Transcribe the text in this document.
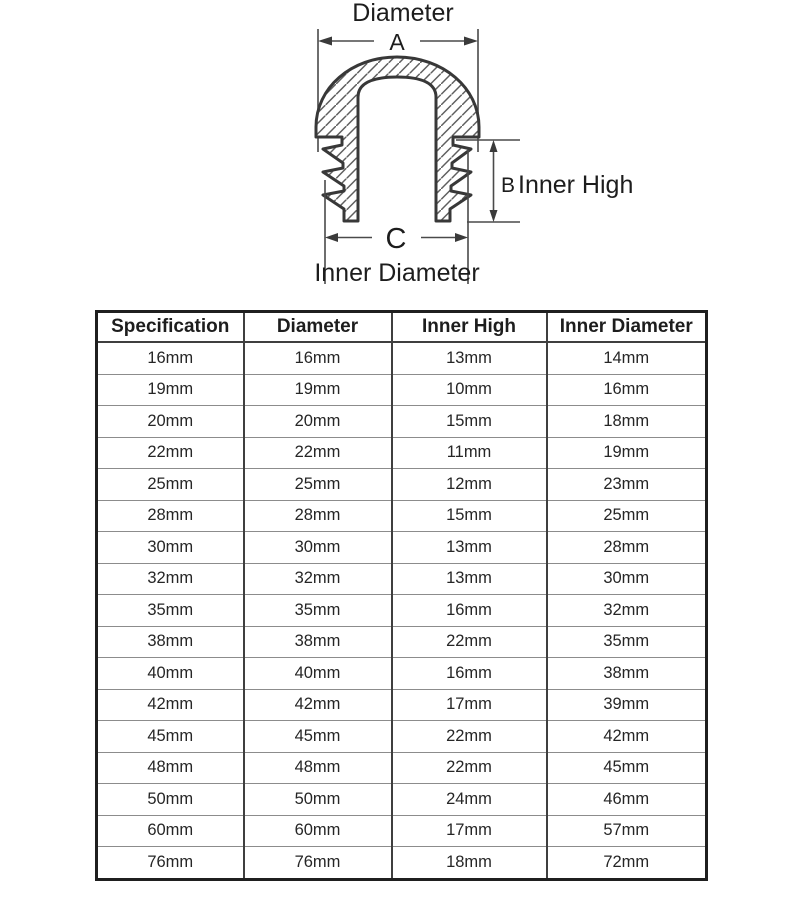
Diameter
A
B Inner High
C
Inner Diameter
Specification	Diameter	Inner High	Inner Diameter
16mm	16mm	13mm	14mm
19mm	19mm	10mm	16mm
20mm	20mm	15mm	18mm
22mm	22mm	11mm	19mm
25mm	25mm	12mm	23mm
28mm	28mm	15mm	25mm
30mm	30mm	13mm	28mm
32mm	32mm	13mm	30mm
35mm	35mm	16mm	32mm
38mm	38mm	22mm	35mm
40mm	40mm	16mm	38mm
42mm	42mm	17mm	39mm
45mm	45mm	22mm	42mm
48mm	48mm	22mm	45mm
50mm	50mm	24mm	46mm
60mm	60mm	17mm	57mm
76mm	76mm	18mm	72mm
